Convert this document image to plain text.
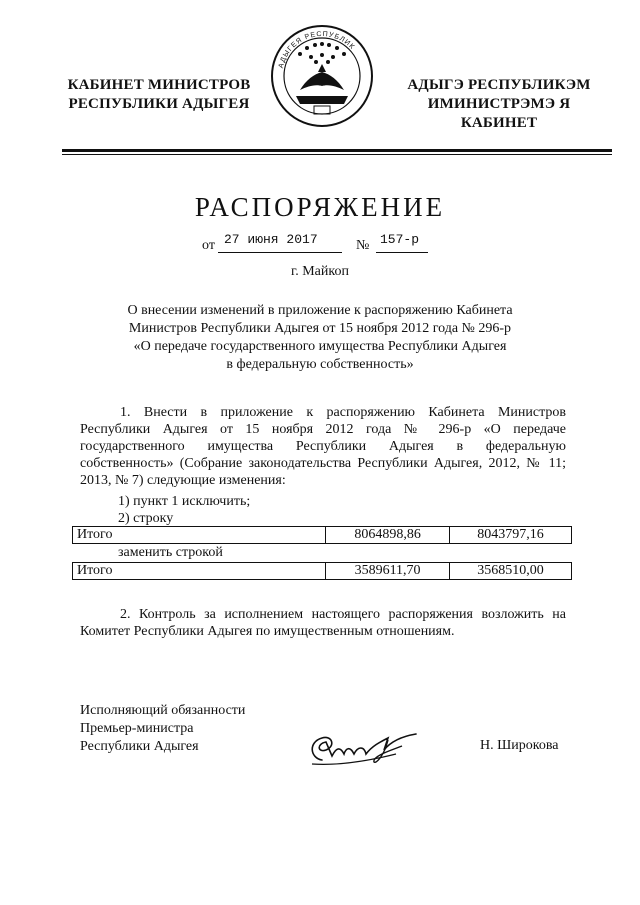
КАБИНЕТ МИНИСТРОВ
РЕСПУБЛИКИ АДЫГЕЯ
АДЫГЕЯ РЕСПУБЛИК
АДЫГЭ РЕСПУБЛИКЭМ
ИМИНИСТРЭМЭ Я КАБИНЕТ
РАСПОРЯЖЕНИЕ
от 27 июня 2017	№ 157-р
г. Майкоп
О внесении изменений в приложение к распоряжению Кабинета
Министров Республики Адыгея от 15 ноября 2012 года № 296-р
«О передаче государственного имущества Республики Адыгея
в федеральную собственность»
1. Внести в приложение к распоряжению Кабинета Министров Республики Адыгея от 15 ноября 2012 года № 296-р «О передаче государственного имущества Республики Адыгея в федеральную собственность» (Собрание законодательства Республики Адыгея, 2012, № 11; 2013, № 7) следующие изменения:
1) пункт 1 исключить;
2) строку
Итого	8064898,86	8043797,16
заменить строкой
Итого	3589611,70	3568510,00
2. Контроль за исполнением настоящего распоряжения возложить на Комитет Республики Адыгея по имущественным отношениям.
Исполняющий обязанности
Премьер-министра
Республики Адыгея	Н. Широкова
